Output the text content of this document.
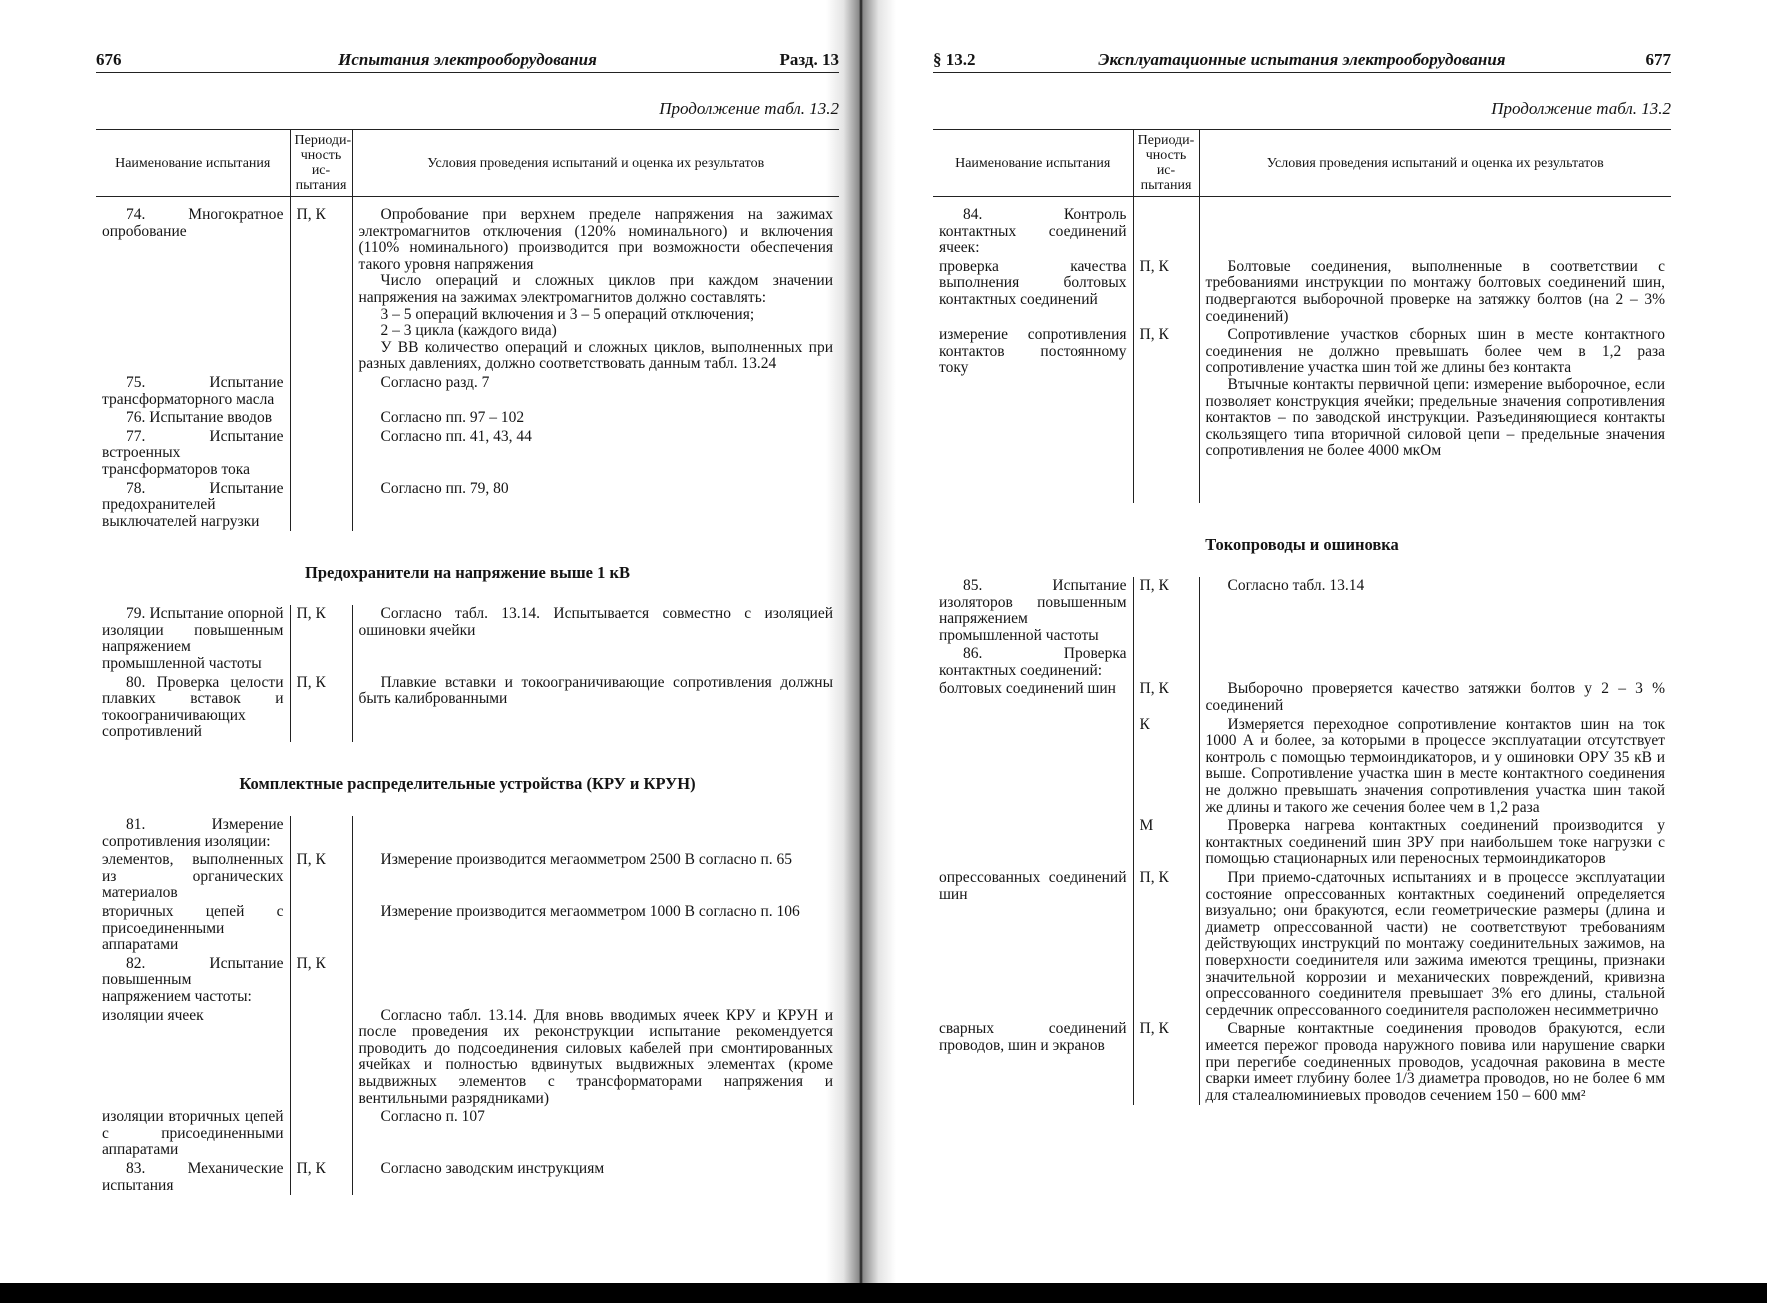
676	Испытания электрооборудования	Разд. 13
Продолжение табл. 13.2
Наименование испытания	Периоди-чность ис-пытания	Условия проведения испытаний и оценка их результатов
74. Многократное опробование	П, К	Опробование при верхнем пределе напряжения на зажимах электромагнитов отключения (120% номинального) и включения (110% номинального) производится при возможности обеспечения такого уровня напряжения

Число операций и сложных циклов при каждом значении напряжения на зажимах электромагнитов должно составлять:

3 – 5 операций включения и 3 – 5 операций отключения;

2 – 3 цикла (каждого вида)

У ВВ количество операций и сложных циклов, выполненных при разных давлениях, должно соответствовать данным табл. 13.24

75. Испытание трансформаторного масла		Согласно разд. 7

76. Испытание вводов		Согласно пп. 97 – 102

77. Испытание встроенных трансформаторов тока		Согласно пп. 41, 43, 44

78. Испытание предохранителей выключателей нагрузки		Согласно пп. 79, 80

Предохранители на напряжение выше 1 кВ
79. Испытание опорной изоляции повышенным напряжением промышленной частоты	П, К	Согласно табл. 13.14. Испытывается совместно с изоляцией ошиновки ячейки

80. Проверка целости плавких вставок и токоограничивающих сопротивлений	П, К	Плавкие вставки и токоограничивающие сопротивления должны быть калиброванными

Комплектные распределительные устройства (КРУ и КРУН)
81. Измерение сопротивления изоляции:		
элементов, выполненных из органических материалов	П, К	Измерение производится мегаомметром 2500 В согласно п. 65

вторичных цепей с присоединенными аппаратами		Измерение производится мегаомметром 1000 В согласно п. 106

82. Испытание повышенным напряжением частоты:	П, К	
изоляции ячеек		Согласно табл. 13.14. Для вновь вводимых ячеек КРУ и КРУН и после проведения их реконструкции испытание рекомендуется проводить до подсоединения силовых кабелей при смонтированных ячейках и полностью вдвинутых выдвижных элементах (кроме выдвижных элементов с трансформаторами напряжения и вентильными разрядниками)

изоляции вторичных цепей с присоединенными аппаратами		Согласно п. 107

83. Механические испытания	П, К	Согласно заводским инструкциям

§ 13.2	Эксплуатационные испытания электрооборудования	677
Продолжение табл. 13.2
Наименование испытания	Периоди-чность ис-пытания	Условия проведения испытаний и оценка их результатов
84. Контроль контактных соединений ячеек:		
проверка качества выполнения болтовых контактных соединений	П, К	Болтовые соединения, выполненные в соответствии с требованиями инструкции по монтажу болтовых соединений шин, подвергаются выборочной проверке на затяжку болтов (на 2 – 3% соединений)

измерение сопротивления контактов постоянному току	П, К	Сопротивление участков сборных шин в месте контактного соединения не должно превышать более чем в 1,2 раза сопротивление участка шин той же длины без контакта

Втычные контакты первичной цепи: измерение выборочное, если позволяет конструкция ячейки; предельные значения сопротивления контактов – по заводской инструкции. Разъединяющиеся контакты скользящего типа вторичной силовой цепи – предельные значения сопротивления не более 4000 мкОм

Токопроводы и ошиновка
85. Испытание изоляторов повышенным напряжением промышленной частоты	П, К	Согласно табл. 13.14

86. Проверка контактных соединений:		
болтовых соединений шин	П, К	Выборочно проверяется качество затяжки болтов у 2 – 3 % соединений

	К	Измеряется переходное сопротивление контактов шин на ток 1000 А и более, за которыми в процессе эксплуатации отсутствует контроль с помощью термоиндикаторов, и у ошиновки ОРУ 35 кВ и выше. Сопротивление участка шин в месте контактного соединения не должно превышать значения сопротивления участка шин такой же длины и такого же сечения более чем в 1,2 раза

	М	Проверка нагрева контактных соединений производится у контактных соединений шин ЗРУ при наибольшем токе нагрузки с помощью стационарных или переносных термоиндикаторов

опрессованных соединений шин	П, К	При приемо-сдаточных испытаниях и в процессе эксплуатации состояние опрессованных контактных соединений определяется визуально; они бракуются, если геометрические размеры (длина и диаметр опрессованной части) не соответствуют требованиям действующих инструкций по монтажу соединительных зажимов, на поверхности соединителя или зажима имеются трещины, признаки значительной коррозии и механических повреждений, кривизна опрессованного соединителя превышает 3% его длины, стальной сердечник опрессованного соединителя расположен несимметрично

сварных соединений проводов, шин и экранов	П, К	Сварные контактные соединения проводов бракуются, если имеется пережог провода наружного повива или нарушение сварки при перегибе соединенных проводов, усадочная раковина в месте сварки имеет глубину более 1/3 диаметра проводов, но не более 6 мм для сталеалюминиевых проводов сечением 150 – 600 мм²
